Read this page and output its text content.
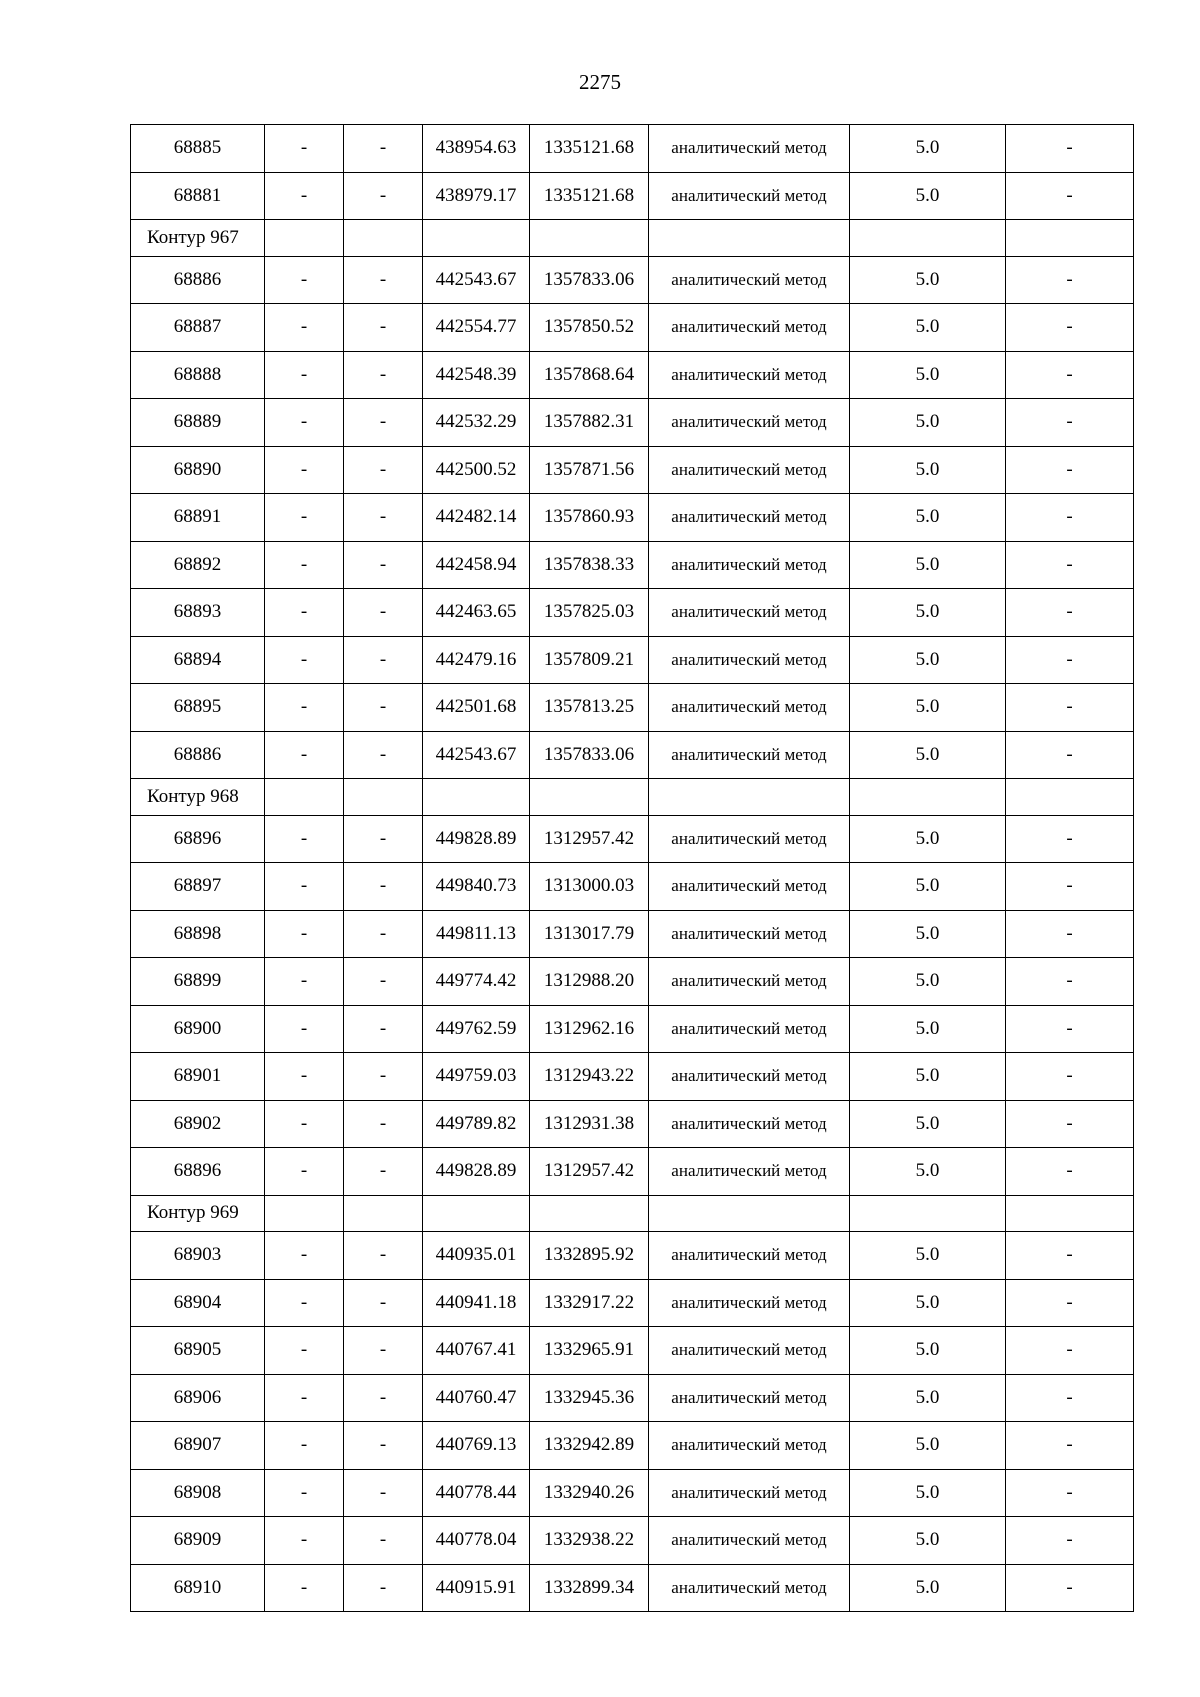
2275
68885	-	-	438954.63	1335121.68	аналитический метод	5.0	-
68881	-	-	438979.17	1335121.68	аналитический метод	5.0	-
Контур 967							
68886	-	-	442543.67	1357833.06	аналитический метод	5.0	-
68887	-	-	442554.77	1357850.52	аналитический метод	5.0	-
68888	-	-	442548.39	1357868.64	аналитический метод	5.0	-
68889	-	-	442532.29	1357882.31	аналитический метод	5.0	-
68890	-	-	442500.52	1357871.56	аналитический метод	5.0	-
68891	-	-	442482.14	1357860.93	аналитический метод	5.0	-
68892	-	-	442458.94	1357838.33	аналитический метод	5.0	-
68893	-	-	442463.65	1357825.03	аналитический метод	5.0	-
68894	-	-	442479.16	1357809.21	аналитический метод	5.0	-
68895	-	-	442501.68	1357813.25	аналитический метод	5.0	-
68886	-	-	442543.67	1357833.06	аналитический метод	5.0	-
Контур 968							
68896	-	-	449828.89	1312957.42	аналитический метод	5.0	-
68897	-	-	449840.73	1313000.03	аналитический метод	5.0	-
68898	-	-	449811.13	1313017.79	аналитический метод	5.0	-
68899	-	-	449774.42	1312988.20	аналитический метод	5.0	-
68900	-	-	449762.59	1312962.16	аналитический метод	5.0	-
68901	-	-	449759.03	1312943.22	аналитический метод	5.0	-
68902	-	-	449789.82	1312931.38	аналитический метод	5.0	-
68896	-	-	449828.89	1312957.42	аналитический метод	5.0	-
Контур 969							
68903	-	-	440935.01	1332895.92	аналитический метод	5.0	-
68904	-	-	440941.18	1332917.22	аналитический метод	5.0	-
68905	-	-	440767.41	1332965.91	аналитический метод	5.0	-
68906	-	-	440760.47	1332945.36	аналитический метод	5.0	-
68907	-	-	440769.13	1332942.89	аналитический метод	5.0	-
68908	-	-	440778.44	1332940.26	аналитический метод	5.0	-
68909	-	-	440778.04	1332938.22	аналитический метод	5.0	-
68910	-	-	440915.91	1332899.34	аналитический метод	5.0	-
